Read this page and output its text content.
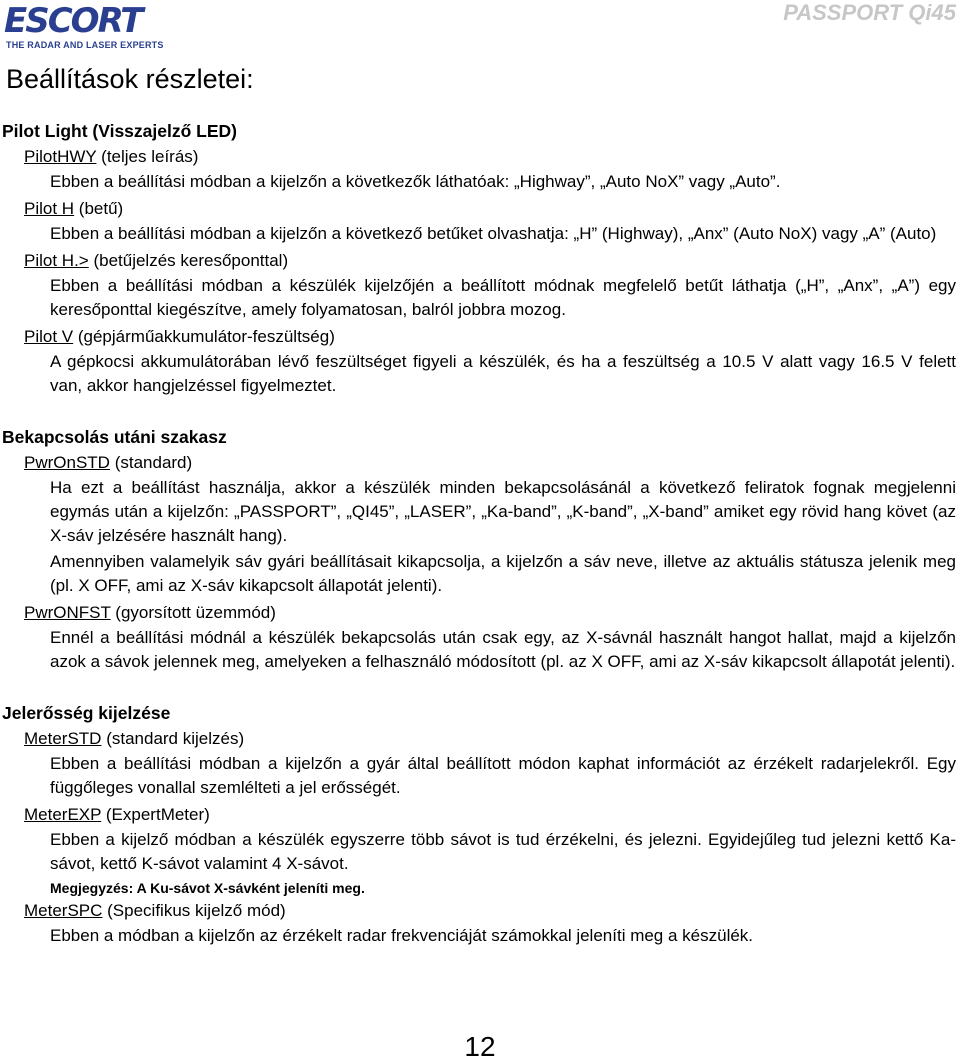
ESCORT
THE RADAR AND LASER EXPERTS
PASSPORT Qi45
Beállítások részletei:
Pilot Light (Visszajelző LED)
PilotHWY (teljes leírás)

Ebben a beállítási módban a kijelzőn a következők láthatóak: „Highway”, „Auto NoX” vagy „Auto”.

Pilot H (betű)

Ebben a beállítási módban a kijelzőn a következő betűket olvashatja: „H” (Highway), „Anx” (Auto NoX) vagy „A” (Auto)

Pilot H.> (betűjelzés keresőponttal)

Ebben a beállítási módban a készülék kijelzőjén a beállított módnak megfelelő betűt láthatja („H”, „Anx”, „A”) egy keresőponttal kiegészítve, amely folyamatosan, balról jobbra mozog.

Pilot V (gépjárműakkumulátor-feszültség)

A gépkocsi akkumulátorában lévő feszültséget figyeli a készülék, és ha a feszültség a 10.5 V alatt vagy 16.5 V felett van, akkor hangjelzéssel figyelmeztet.

Bekapcsolás utáni szakasz
PwrOnSTD (standard)

Ha ezt a beállítást használja, akkor a készülék minden bekapcsolásánál a következő feliratok fognak megjelenni egymás után a kijelzőn: „PASSPORT”, „QI45”, „LASER”, „Ka-band”, „K-band”, „X-band” amiket egy rövid hang követ (az X-sáv jelzésére használt hang).

Amennyiben valamelyik sáv gyári beállításait kikapcsolja, a kijelzőn a sáv neve, illetve az aktuális státusza jelenik meg (pl. X OFF, ami az X-sáv kikapcsolt állapotát jelenti).

PwrONFST (gyorsított üzemmód)

Ennél a beállítási módnál a készülék bekapcsolás után csak egy, az X-sávnál használt hangot hallat, majd a kijelzőn azok a sávok jelennek meg, amelyeken a felhasználó módosított (pl. az X OFF, ami az X-sáv kikapcsolt állapotát jelenti).

Jelerősség kijelzése
MeterSTD (standard kijelzés)

Ebben a beállítási módban a kijelzőn a gyár által beállított módon kaphat információt az érzékelt radarjelekről. Egy függőleges vonallal szemlélteti a jel erősségét.

MeterEXP (ExpertMeter)

Ebben a kijelző módban a készülék egyszerre több sávot is tud érzékelni, és jelezni. Egyidejűleg tud jelezni kettő Ka-sávot, kettő K-sávot valamint 4 X-sávot.

Megjegyzés: A Ku-sávot X-sávként jeleníti meg.
MeterSPC (Specifikus kijelző mód)

Ebben a módban a kijelzőn az érzékelt radar frekvenciáját számokkal jeleníti meg a készülék.

12
